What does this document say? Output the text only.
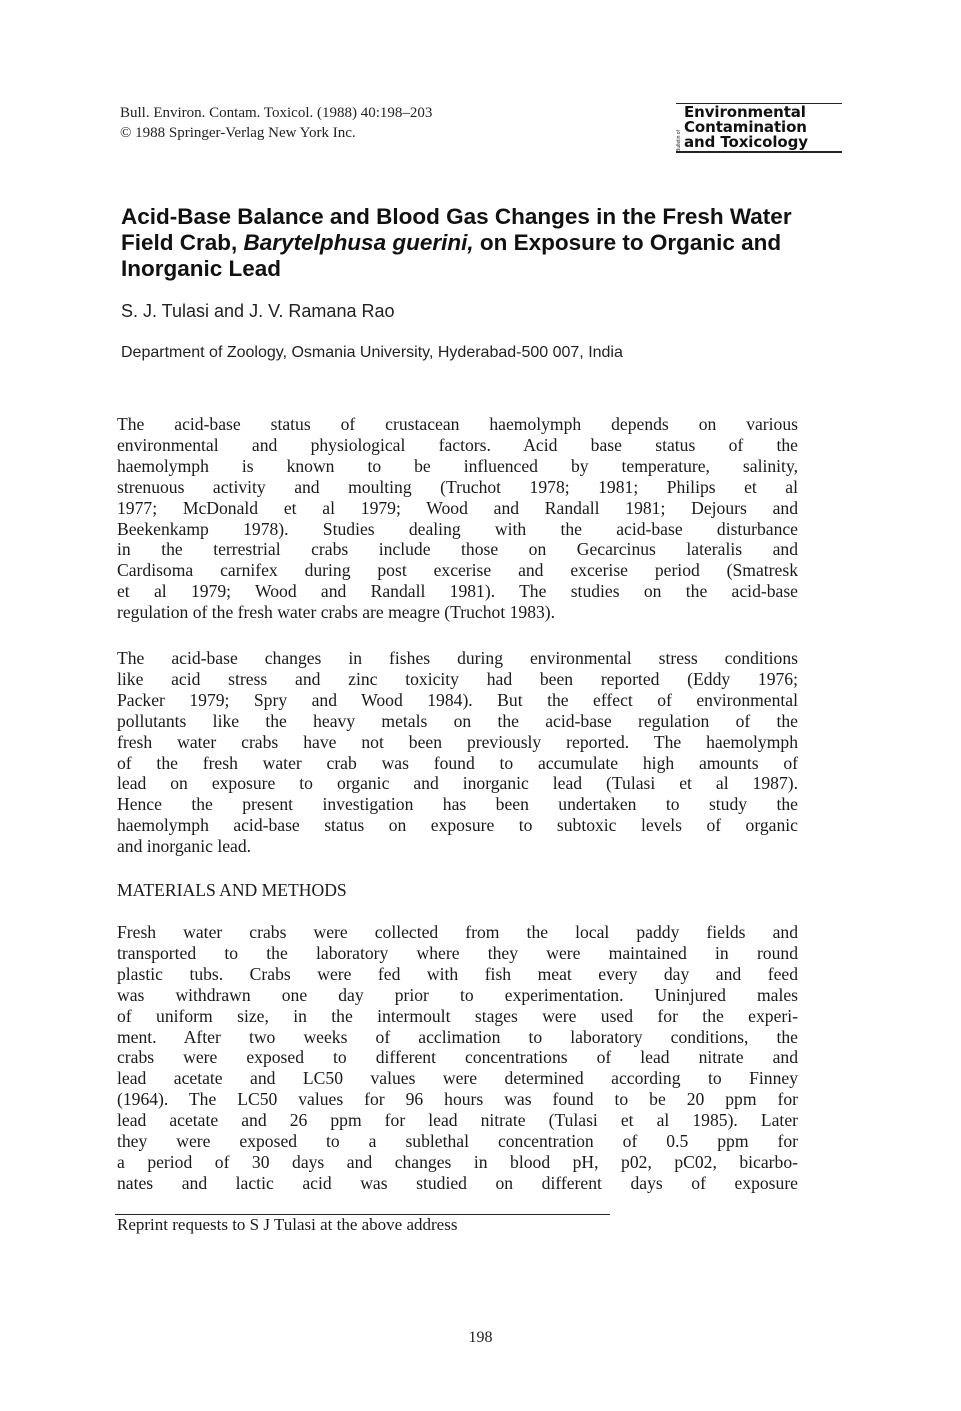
Bull. Environ. Contam. Toxicol. (1988) 40:198–203
© 1988 Springer-Verlag New York Inc.	Bulletin of
Environmental
Contamination
and Toxicology
Acid-Base Balance and Blood Gas Changes in the Fresh Water Field Crab, Barytelphusa guerini, on Exposure to Organic and Inorganic Lead
S. J. Tulasi and J. V. Ramana Rao
Department of Zoology, Osmania University, Hyderabad-500 007, India
The acid-base status of crustacean haemolymph depends on various
environmental and physiological factors. Acid base status of the
haemolymph is known to be influenced by temperature, salinity,
strenuous activity and moulting (Truchot 1978; 1981; Philips et al
1977; McDonald et al 1979; Wood and Randall 1981; Dejours and
Beekenkamp 1978). Studies dealing with the acid-base disturbance
in the terrestrial crabs include those on Gecarcinus lateralis and
Cardisoma carnifex during post excerise and excerise period (Smatresk
et al 1979; Wood and Randall 1981). The studies on the acid-base
regulation of the fresh water crabs are meagre (Truchot 1983).
The acid-base changes in fishes during environmental stress conditions
like acid stress and zinc toxicity had been reported (Eddy 1976;
Packer 1979; Spry and Wood 1984). But the effect of environmental
pollutants like the heavy metals on the acid-base regulation of the
fresh water crabs have not been previously reported. The haemolymph
of the fresh water crab was found to accumulate high amounts of
lead on exposure to organic and inorganic lead (Tulasi et al 1987).
Hence the present investigation has been undertaken to study the
haemolymph acid-base status on exposure to subtoxic levels of organic
and inorganic lead.
MATERIALS AND METHODS
Fresh water crabs were collected from the local paddy fields and
transported to the laboratory where they were maintained in round
plastic tubs. Crabs were fed with fish meat every day and feed
was withdrawn one day prior to experimentation. Uninjured males
of uniform size, in the intermoult stages were used for the experi-
ment. After two weeks of acclimation to laboratory conditions, the
crabs were exposed to different concentrations of lead nitrate and
lead acetate and LC50 values were determined according to Finney
(1964). The LC50 values for 96 hours was found to be 20 ppm for
lead acetate and 26 ppm for lead nitrate (Tulasi et al 1985). Later
they were exposed to a sublethal concentration of 0.5 ppm for
a period of 30 days and changes in blood pH, p02, pC02, bicarbo-
nates and lactic acid was studied on different days of exposure
Reprint requests to S J Tulasi at the above address
198
